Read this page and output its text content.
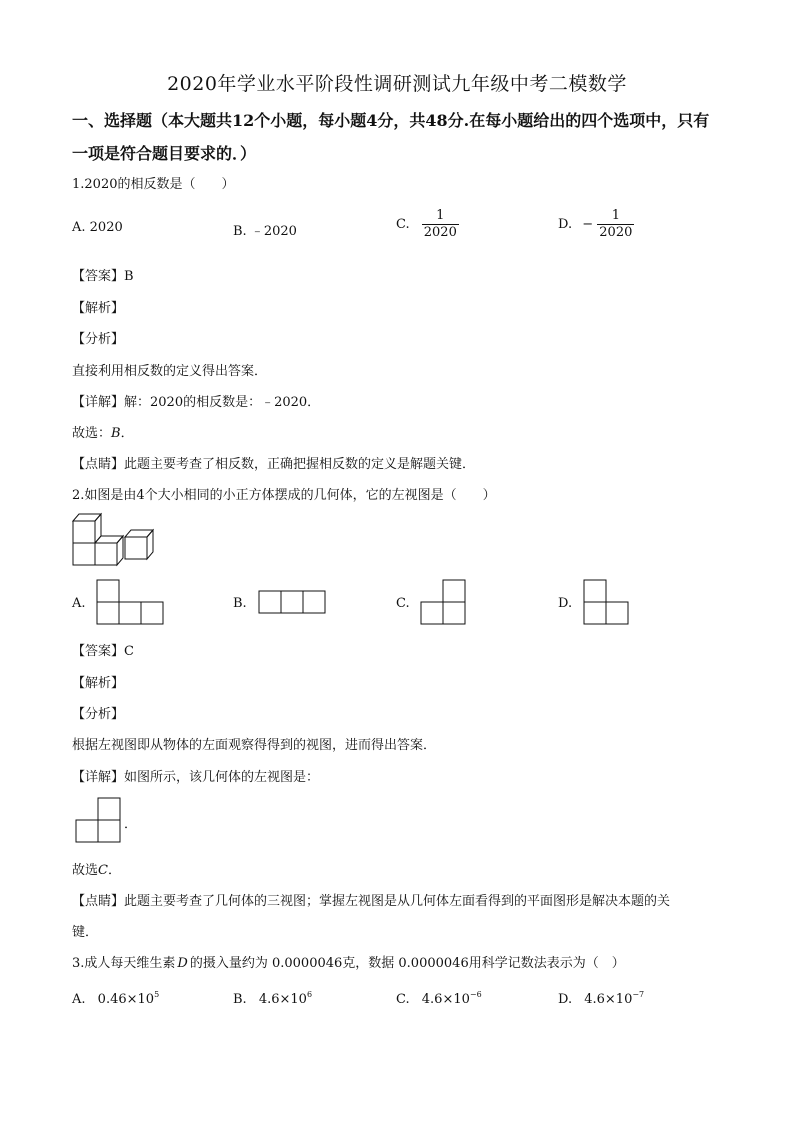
2020年学业水平阶段性调研测试九年级中考二模数学
一、选择题（本大题共12个小题，每小题4分，共48分.在每小题给出的四个选项中，只有
一项是符合题目要求的．）
1.2020的相反数是（　　）
A. 2020	B. ﹣2020	C. $\frac{1}{2020}$	D. − $\frac{1}{2020}$
【答案】B
【解析】
【分析】
直接利用相反数的定义得出答案．
【详解】解：2020的相反数是：﹣2020．
故选：B．
【点睛】此题主要考查了相反数，正确把握相反数的定义是解题关键．
2.如图是由4个大小相同的小正方体摆成的几何体，它的左视图是（　　）
A.	B.	C.	D.
【答案】C
【解析】
【分析】
根据左视图即从物体的左面观察得得到的视图，进而得出答案．
【详解】如图所示，该几何体的左视图是：
．
故选C．
【点睛】此题主要考查了几何体的三视图；掌握左视图是从几何体左面看得到的平面图形是解决本题的关
键．
3.成人每天维生素 D 的摄入量约为 0.0000046克，数据 0.0000046用科学记数法表示为（　）
A. $0.46\times 10^5$	B. $4.6\times 10^6$	C. $4.6\times 10^{-6}$	D. $4.6\times 10^{-7}$
